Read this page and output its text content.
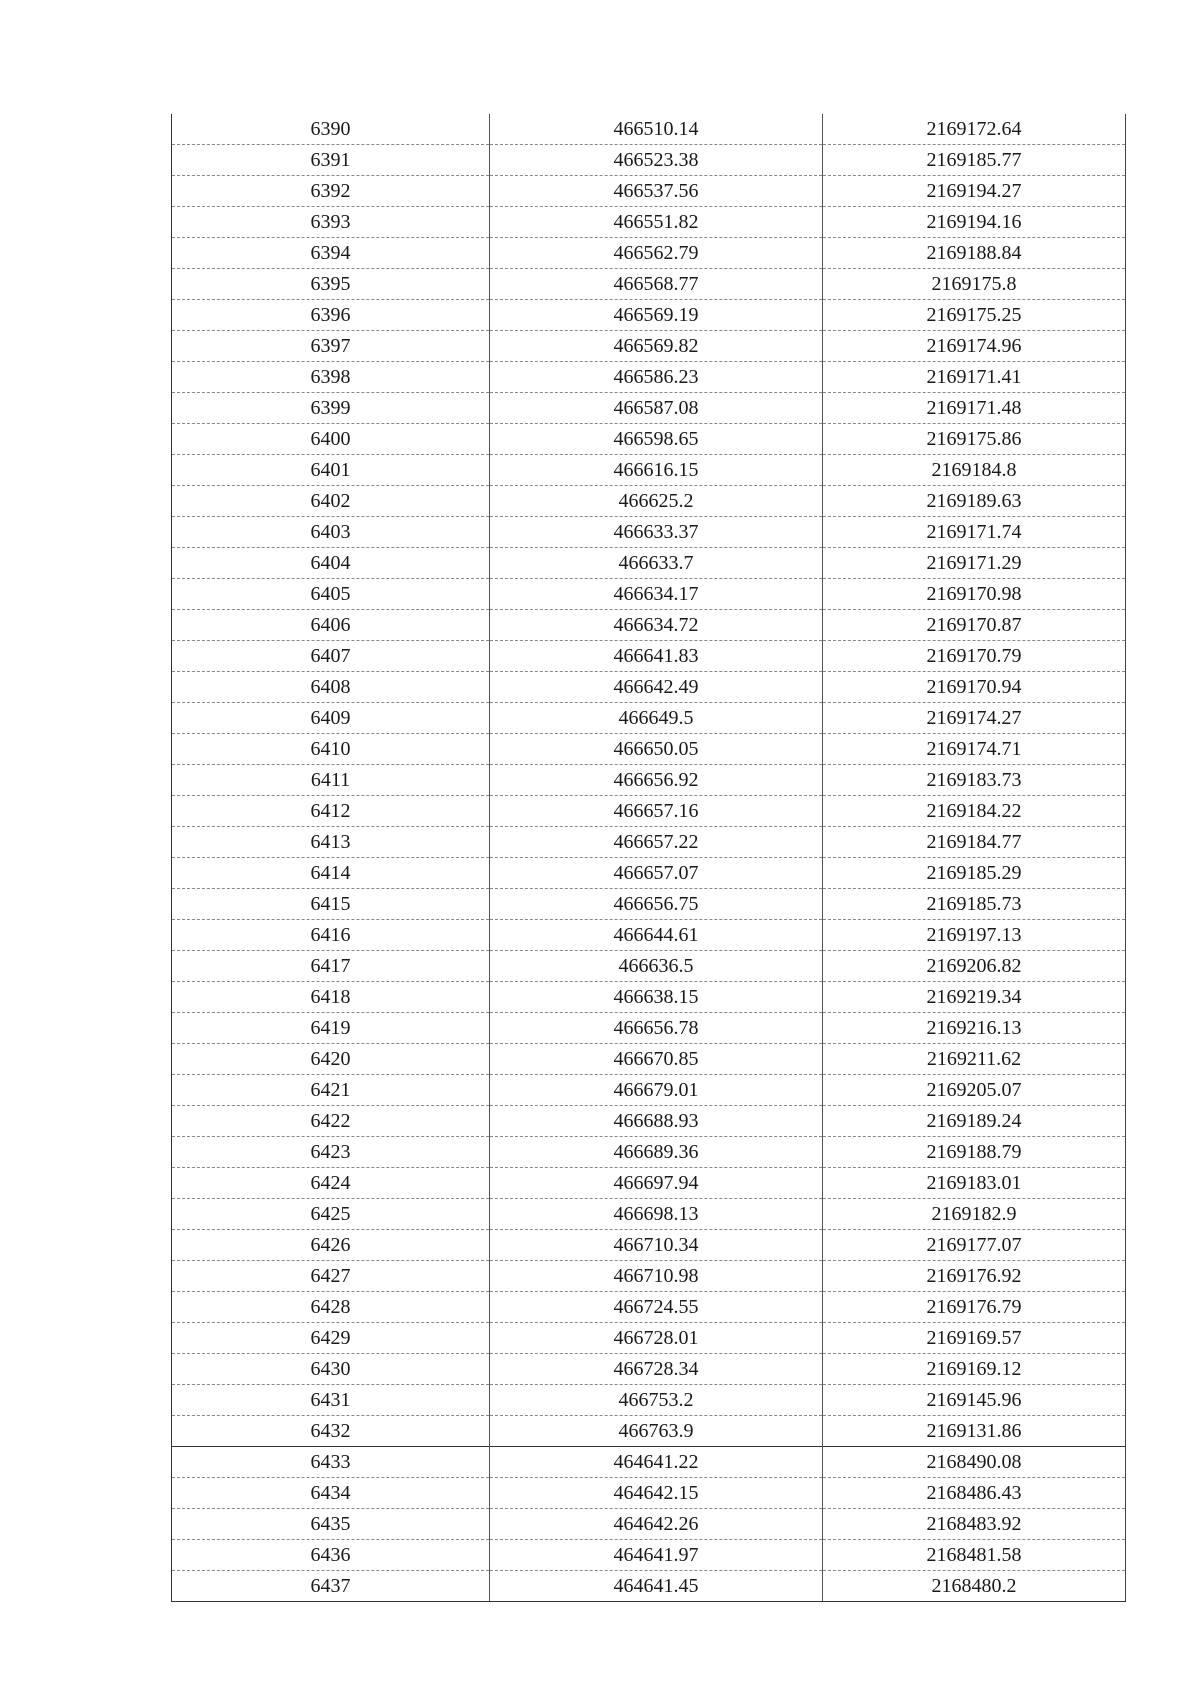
6390	466510.14	2169172.64
6391	466523.38	2169185.77
6392	466537.56	2169194.27
6393	466551.82	2169194.16
6394	466562.79	2169188.84
6395	466568.77	2169175.8
6396	466569.19	2169175.25
6397	466569.82	2169174.96
6398	466586.23	2169171.41
6399	466587.08	2169171.48
6400	466598.65	2169175.86
6401	466616.15	2169184.8
6402	466625.2	2169189.63
6403	466633.37	2169171.74
6404	466633.7	2169171.29
6405	466634.17	2169170.98
6406	466634.72	2169170.87
6407	466641.83	2169170.79
6408	466642.49	2169170.94
6409	466649.5	2169174.27
6410	466650.05	2169174.71
6411	466656.92	2169183.73
6412	466657.16	2169184.22
6413	466657.22	2169184.77
6414	466657.07	2169185.29
6415	466656.75	2169185.73
6416	466644.61	2169197.13
6417	466636.5	2169206.82
6418	466638.15	2169219.34
6419	466656.78	2169216.13
6420	466670.85	2169211.62
6421	466679.01	2169205.07
6422	466688.93	2169189.24
6423	466689.36	2169188.79
6424	466697.94	2169183.01
6425	466698.13	2169182.9
6426	466710.34	2169177.07
6427	466710.98	2169176.92
6428	466724.55	2169176.79
6429	466728.01	2169169.57
6430	466728.34	2169169.12
6431	466753.2	2169145.96
6432	466763.9	2169131.86
6433	464641.22	2168490.08
6434	464642.15	2168486.43
6435	464642.26	2168483.92
6436	464641.97	2168481.58
6437	464641.45	2168480.2
